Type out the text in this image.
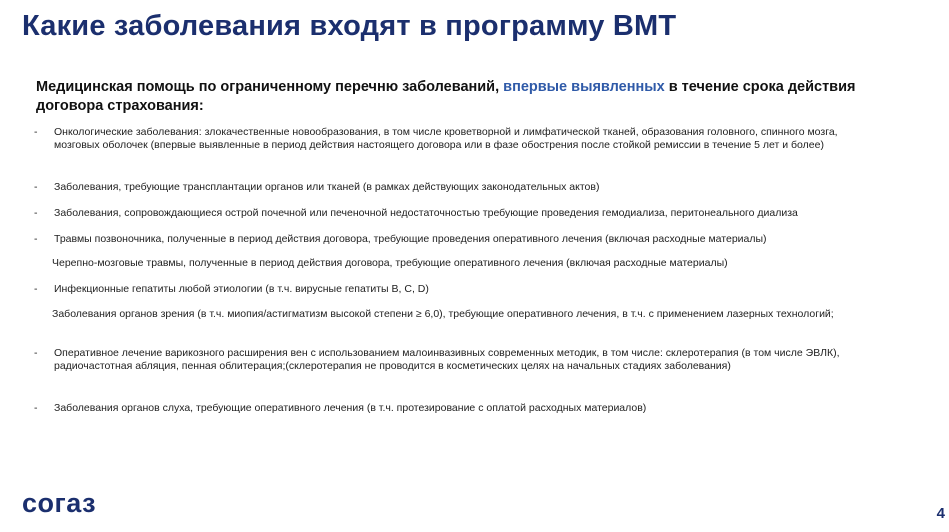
Какие заболевания входят в программу ВМТ
Медицинская помощь по ограниченному перечню заболеваний, впервые выявленных в течение срока действия договора страхования:
-	Онкологические заболевания: злокачественные новообразования, в том числе кроветворной и лимфатической тканей, образования головного, спинного мозга, мозговых оболочек (впервые выявленные в период действия настоящего договора или в фазе обострения после стойкой ремиссии в течение 5 лет и более)
-	Заболевания, требующие трансплантации органов или тканей (в рамках действующих законодательных актов)
-	Заболевания, сопровождающиеся острой почечной или печеночной недостаточностью требующие проведения гемодиализа, перитонеального диализа
-	Травмы позвоночника, полученные в период действия договора, требующие проведения оперативного лечения (включая расходные материалы)
Черепно-мозговые травмы, полученные в период действия договора, требующие оперативного лечения (включая расходные материалы)
-	Инфекционные гепатиты любой этиологии (в т.ч. вирусные гепатиты В, С, D)
Заболевания органов зрения (в т.ч. миопия/астигматизм высокой степени ≥ 6,0), требующие оперативного лечения, в т.ч. с применением лазерных технологий;
-	Оперативное лечение варикозного расширения вен с использованием малоинвазивных современных методик, в том числе: склеротерапия (в том числе ЭВЛК), радиочастотная абляция, пенная облитерация;(склеротерапия не проводится в косметических целях на начальных стадиях заболевания)
-	Заболевания органов слуха, требующие оперативного лечения (в т.ч. протезирование с оплатой расходных материалов)
согаз	4
